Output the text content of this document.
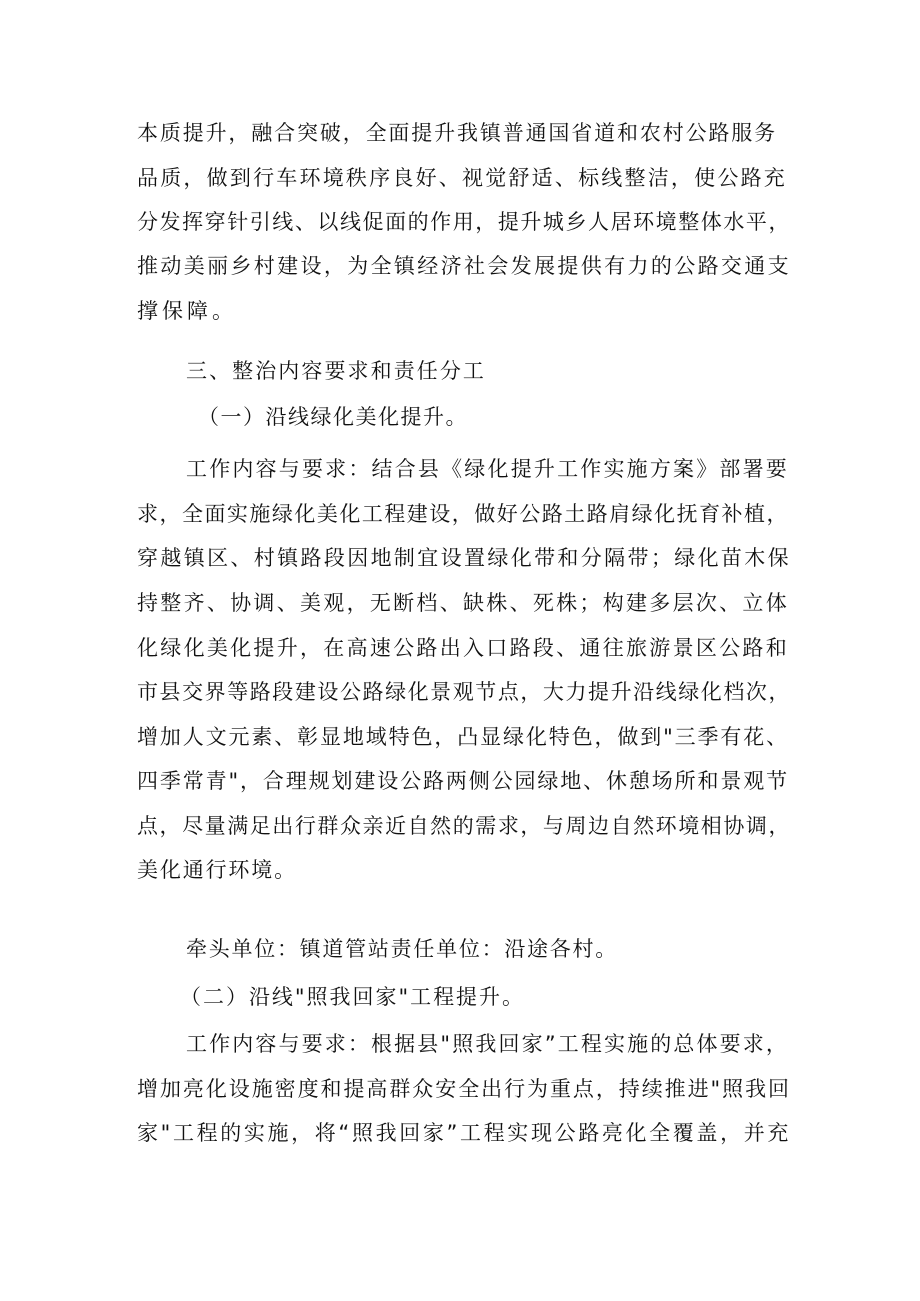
本质提升，融合突破，全面提升我镇普通国省道和农村公路服务

品质，做到行车环境秩序良好、视觉舒适、标线整洁，使公路充

分发挥穿针引线、以线促面的作用，提升城乡人居环境整体水平，

推动美丽乡村建设，为全镇经济社会发展提供有力的公路交通支

撑保障。

三、整治内容要求和责任分工

（一）沿线绿化美化提升。

工作内容与要求：结合县《绿化提升工作实施方案》部署要

求，全面实施绿化美化工程建设，做好公路土路肩绿化抚育补植，

穿越镇区、村镇路段因地制宜设置绿化带和分隔带；绿化苗木保

持整齐、协调、美观，无断档、缺株、死株；构建多层次、立体

化绿化美化提升，在高速公路出入口路段、通往旅游景区公路和

市县交界等路段建设公路绿化景观节点，大力提升沿线绿化档次，

增加人文元素、彰显地域特色，凸显绿化特色，做到"三季有花、

四季常青"，合理规划建设公路两侧公园绿地、休憩场所和景观节

点，尽量满足出行群众亲近自然的需求，与周边自然环境相协调，

美化通行环境。

牵头单位：镇道管站责任单位：沿途各村。

（二）沿线"照我回家"工程提升。

工作内容与要求：根据县"照我回家”工程实施的总体要求，

增加亮化设施密度和提高群众安全出行为重点，持续推进"照我回

家"工程的实施，将“照我回家”工程实现公路亮化全覆盖，并充
